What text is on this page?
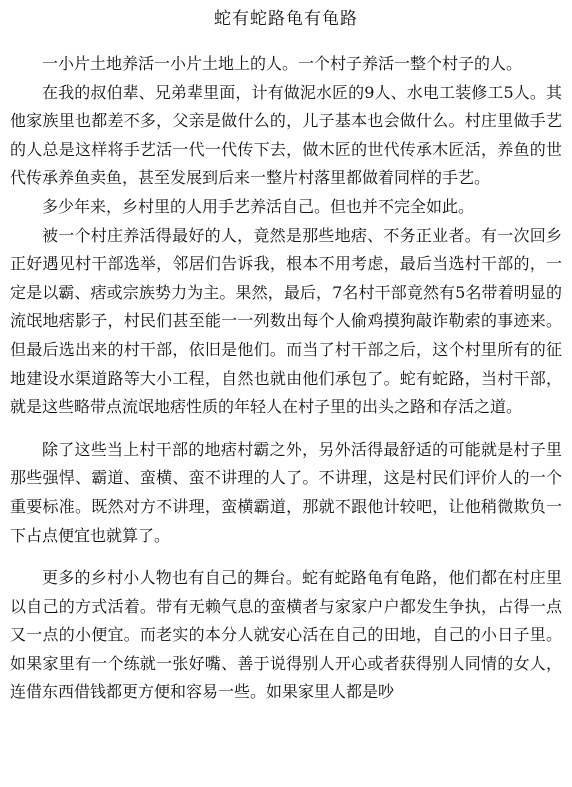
蛇有蛇路龟有龟路

一小片土地养活一小片土地上的人。一个村子养活一整个村子的人。

在我的叔伯辈、兄弟辈里面，计有做泥水匠的9人、水电工装修工5人。其他家族里也都差不多，父亲是做什么的，儿子基本也会做什么。村庄里做手艺的人总是这样将手艺活一代一代传下去，做木匠的世代传承木匠活，养鱼的世代传承养鱼卖鱼，甚至发展到后来一整片村落里都做着同样的手艺。

多少年来，乡村里的人用手艺养活自己。但也并不完全如此。

被一个村庄养活得最好的人，竟然是那些地痞、不务正业者。有一次回乡正好遇见村干部选举，邻居们告诉我，根本不用考虑，最后当选村干部的，一定是以霸、痞或宗族势力为主。果然，最后，7名村干部竟然有5名带着明显的流氓地痞影子，村民们甚至能一一列数出每个人偷鸡摸狗敲诈勒索的事迹来。但最后选出来的村干部，依旧是他们。而当了村干部之后，这个村里所有的征地建设水渠道路等大小工程，自然也就由他们承包了。蛇有蛇路，当村干部，就是这些略带点流氓地痞性质的年轻人在村子里的出头之路和存活之道。

除了这些当上村干部的地痞村霸之外，另外活得最舒适的可能就是村子里那些强悍、霸道、蛮横、蛮不讲理的人了。不讲理，这是村民们评价人的一个重要标准。既然对方不讲理，蛮横霸道，那就不跟他计较吧，让他稍微欺负一下占点便宜也就算了。

更多的乡村小人物也有自己的舞台。蛇有蛇路龟有龟路，他们都在村庄里以自己的方式活着。带有无赖气息的蛮横者与家家户户都发生争执，占得一点又一点的小便宜。而老实的本分人就安心活在自己的田地，自己的小日子里。如果家里有一个练就一张好嘴、善于说得别人开心或者获得别人同情的女人，连借东西借钱都更方便和容易一些。如果家里人都是吵
